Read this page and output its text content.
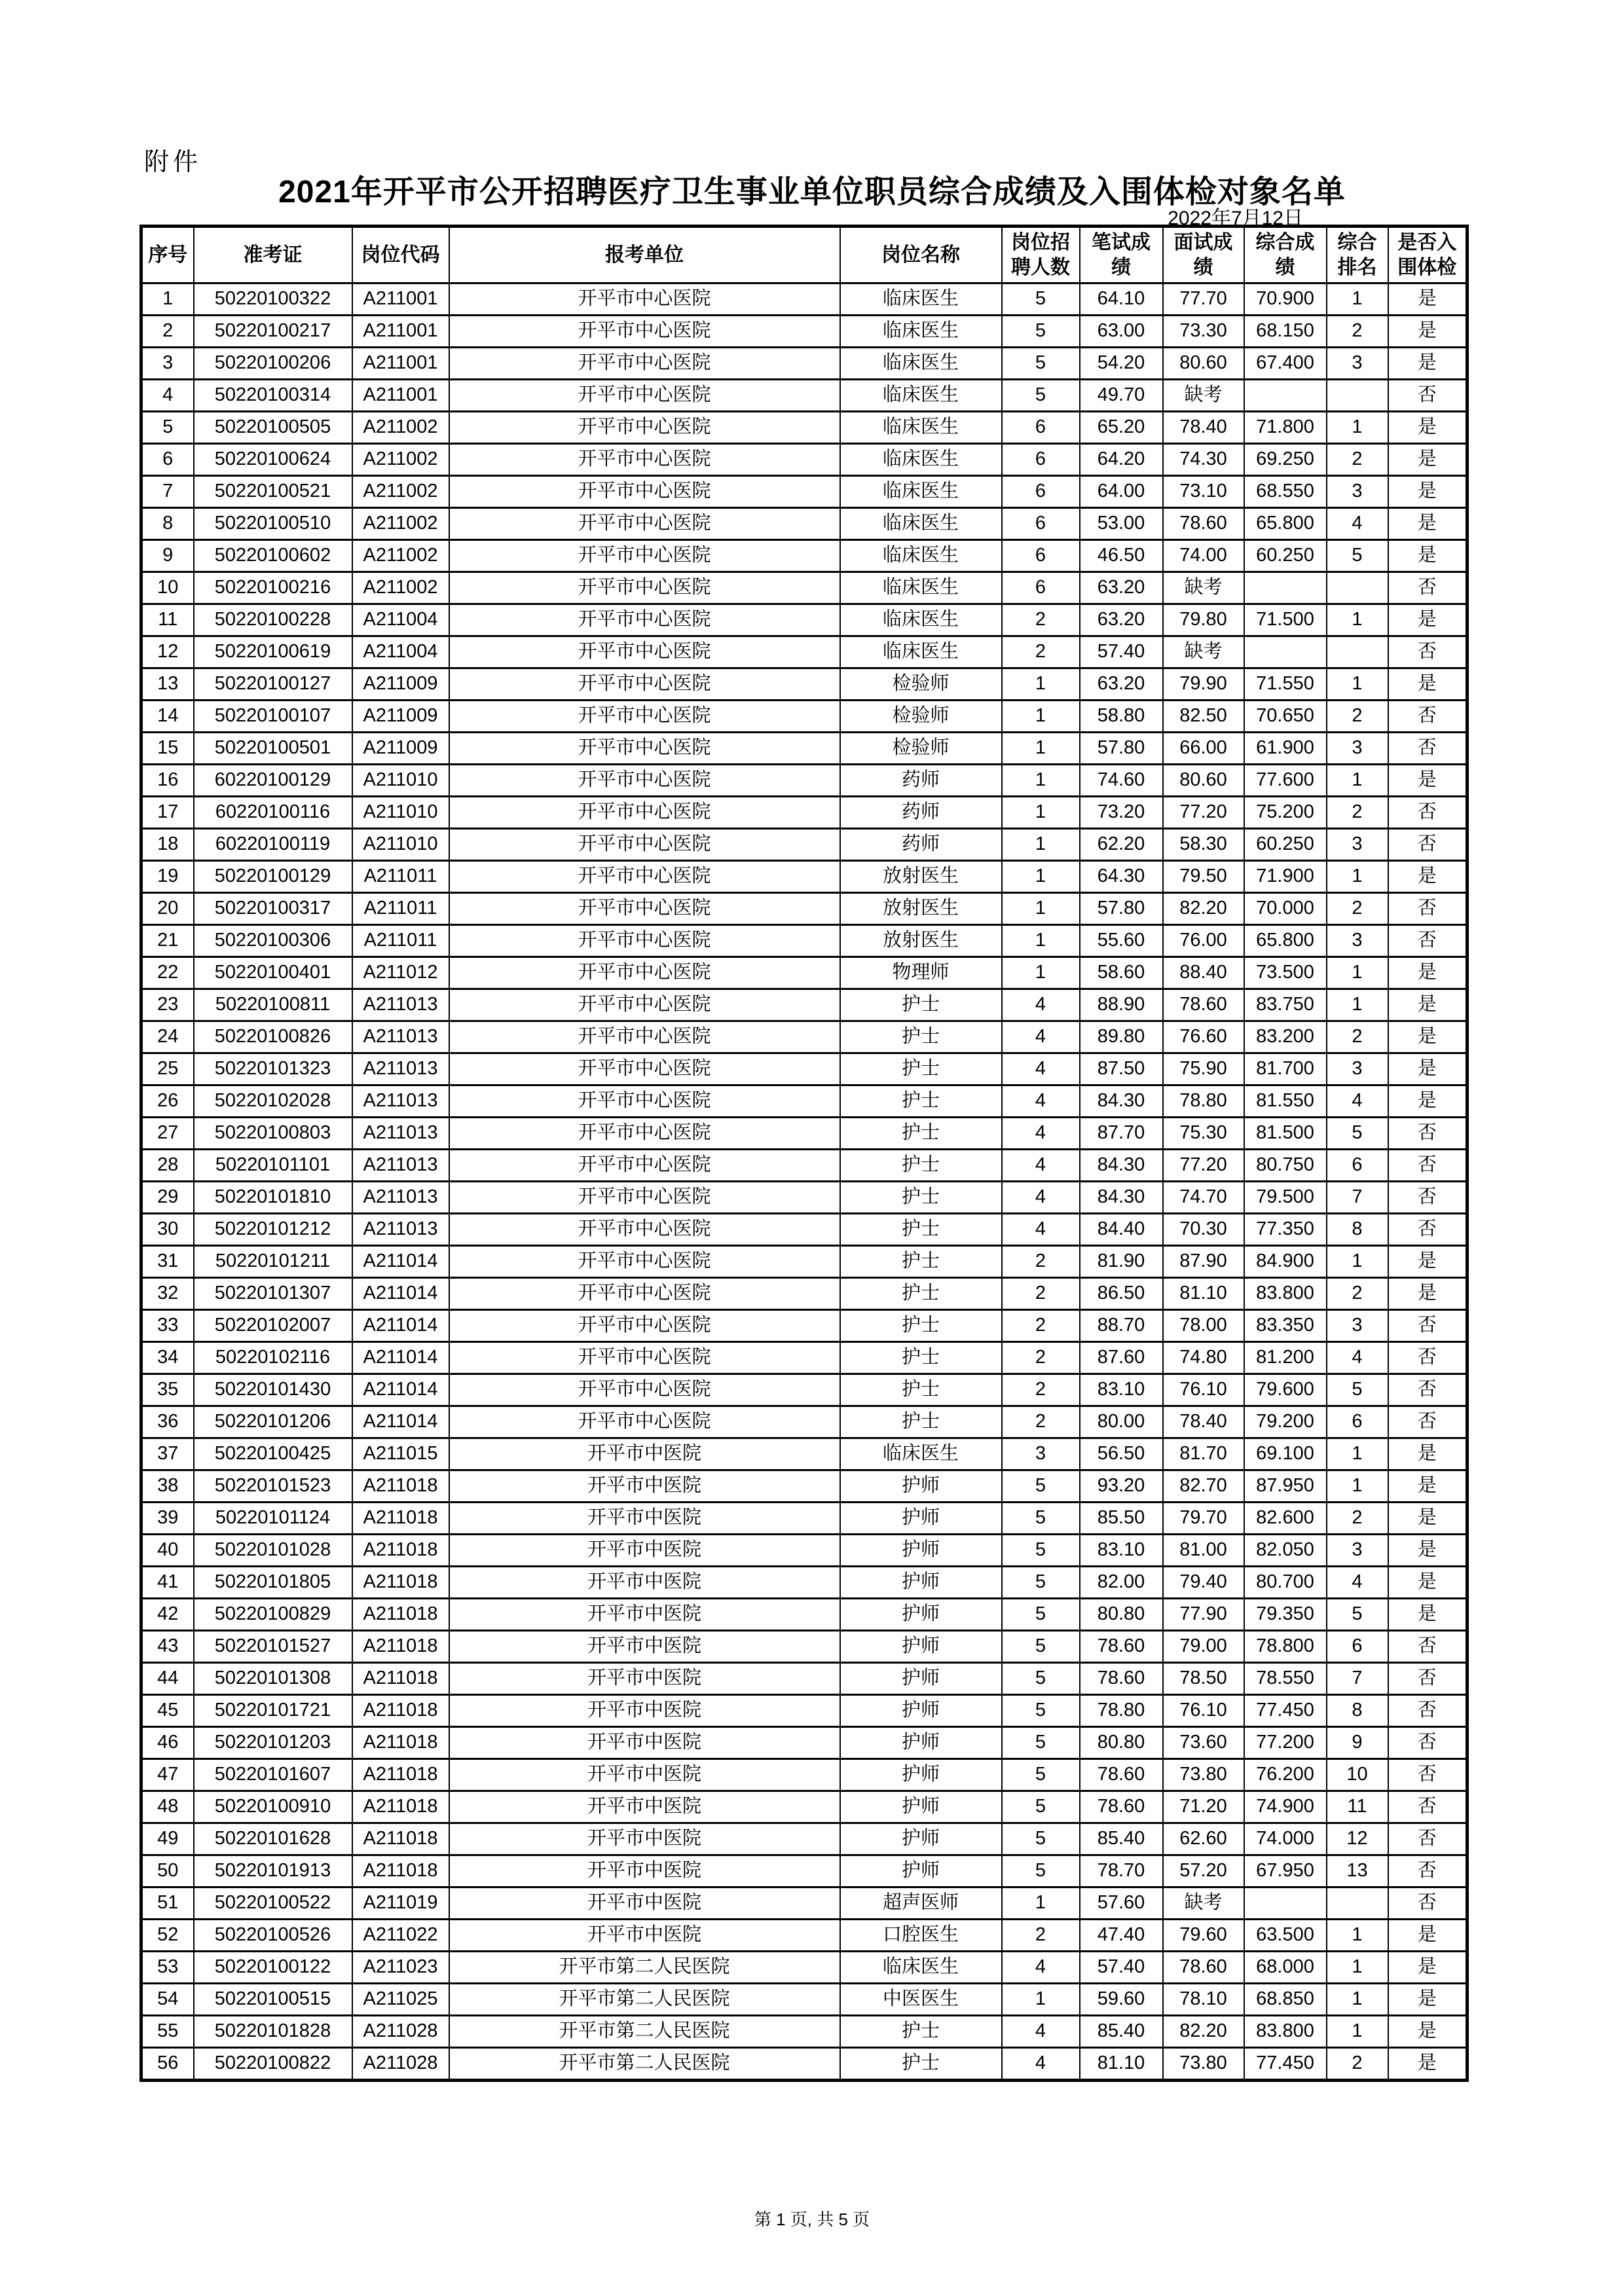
附件
2021年开平市公开招聘医疗卫生事业单位职员综合成绩及入围体检对象名单
2022年7月12日
序号	准考证	岗位代码	报考单位	岗位名称	岗位招聘人数	笔试成绩	面试成绩	综合成绩	综合排名	是否入围体检
1	50220100322	A211001	开平市中心医院	临床医生	5	64.10	77.70	70.900	1	是
2	50220100217	A211001	开平市中心医院	临床医生	5	63.00	73.30	68.150	2	是
3	50220100206	A211001	开平市中心医院	临床医生	5	54.20	80.60	67.400	3	是
4	50220100314	A211001	开平市中心医院	临床医生	5	49.70	缺考			否
5	50220100505	A211002	开平市中心医院	临床医生	6	65.20	78.40	71.800	1	是
6	50220100624	A211002	开平市中心医院	临床医生	6	64.20	74.30	69.250	2	是
7	50220100521	A211002	开平市中心医院	临床医生	6	64.00	73.10	68.550	3	是
8	50220100510	A211002	开平市中心医院	临床医生	6	53.00	78.60	65.800	4	是
9	50220100602	A211002	开平市中心医院	临床医生	6	46.50	74.00	60.250	5	是
10	50220100216	A211002	开平市中心医院	临床医生	6	63.20	缺考			否
11	50220100228	A211004	开平市中心医院	临床医生	2	63.20	79.80	71.500	1	是
12	50220100619	A211004	开平市中心医院	临床医生	2	57.40	缺考			否
13	50220100127	A211009	开平市中心医院	检验师	1	63.20	79.90	71.550	1	是
14	50220100107	A211009	开平市中心医院	检验师	1	58.80	82.50	70.650	2	否
15	50220100501	A211009	开平市中心医院	检验师	1	57.80	66.00	61.900	3	否
16	60220100129	A211010	开平市中心医院	药师	1	74.60	80.60	77.600	1	是
17	60220100116	A211010	开平市中心医院	药师	1	73.20	77.20	75.200	2	否
18	60220100119	A211010	开平市中心医院	药师	1	62.20	58.30	60.250	3	否
19	50220100129	A211011	开平市中心医院	放射医生	1	64.30	79.50	71.900	1	是
20	50220100317	A211011	开平市中心医院	放射医生	1	57.80	82.20	70.000	2	否
21	50220100306	A211011	开平市中心医院	放射医生	1	55.60	76.00	65.800	3	否
22	50220100401	A211012	开平市中心医院	物理师	1	58.60	88.40	73.500	1	是
23	50220100811	A211013	开平市中心医院	护士	4	88.90	78.60	83.750	1	是
24	50220100826	A211013	开平市中心医院	护士	4	89.80	76.60	83.200	2	是
25	50220101323	A211013	开平市中心医院	护士	4	87.50	75.90	81.700	3	是
26	50220102028	A211013	开平市中心医院	护士	4	84.30	78.80	81.550	4	是
27	50220100803	A211013	开平市中心医院	护士	4	87.70	75.30	81.500	5	否
28	50220101101	A211013	开平市中心医院	护士	4	84.30	77.20	80.750	6	否
29	50220101810	A211013	开平市中心医院	护士	4	84.30	74.70	79.500	7	否
30	50220101212	A211013	开平市中心医院	护士	4	84.40	70.30	77.350	8	否
31	50220101211	A211014	开平市中心医院	护士	2	81.90	87.90	84.900	1	是
32	50220101307	A211014	开平市中心医院	护士	2	86.50	81.10	83.800	2	是
33	50220102007	A211014	开平市中心医院	护士	2	88.70	78.00	83.350	3	否
34	50220102116	A211014	开平市中心医院	护士	2	87.60	74.80	81.200	4	否
35	50220101430	A211014	开平市中心医院	护士	2	83.10	76.10	79.600	5	否
36	50220101206	A211014	开平市中心医院	护士	2	80.00	78.40	79.200	6	否
37	50220100425	A211015	开平市中医院	临床医生	3	56.50	81.70	69.100	1	是
38	50220101523	A211018	开平市中医院	护师	5	93.20	82.70	87.950	1	是
39	50220101124	A211018	开平市中医院	护师	5	85.50	79.70	82.600	2	是
40	50220101028	A211018	开平市中医院	护师	5	83.10	81.00	82.050	3	是
41	50220101805	A211018	开平市中医院	护师	5	82.00	79.40	80.700	4	是
42	50220100829	A211018	开平市中医院	护师	5	80.80	77.90	79.350	5	是
43	50220101527	A211018	开平市中医院	护师	5	78.60	79.00	78.800	6	否
44	50220101308	A211018	开平市中医院	护师	5	78.60	78.50	78.550	7	否
45	50220101721	A211018	开平市中医院	护师	5	78.80	76.10	77.450	8	否
46	50220101203	A211018	开平市中医院	护师	5	80.80	73.60	77.200	9	否
47	50220101607	A211018	开平市中医院	护师	5	78.60	73.80	76.200	10	否
48	50220100910	A211018	开平市中医院	护师	5	78.60	71.20	74.900	11	否
49	50220101628	A211018	开平市中医院	护师	5	85.40	62.60	74.000	12	否
50	50220101913	A211018	开平市中医院	护师	5	78.70	57.20	67.950	13	否
51	50220100522	A211019	开平市中医院	超声医师	1	57.60	缺考			否
52	50220100526	A211022	开平市中医院	口腔医生	2	47.40	79.60	63.500	1	是
53	50220100122	A211023	开平市第二人民医院	临床医生	4	57.40	78.60	68.000	1	是
54	50220100515	A211025	开平市第二人民医院	中医医生	1	59.60	78.10	68.850	1	是
55	50220101828	A211028	开平市第二人民医院	护士	4	85.40	82.20	83.800	1	是
56	50220100822	A211028	开平市第二人民医院	护士	4	81.10	73.80	77.450	2	是
第 1 页, 共 5 页
